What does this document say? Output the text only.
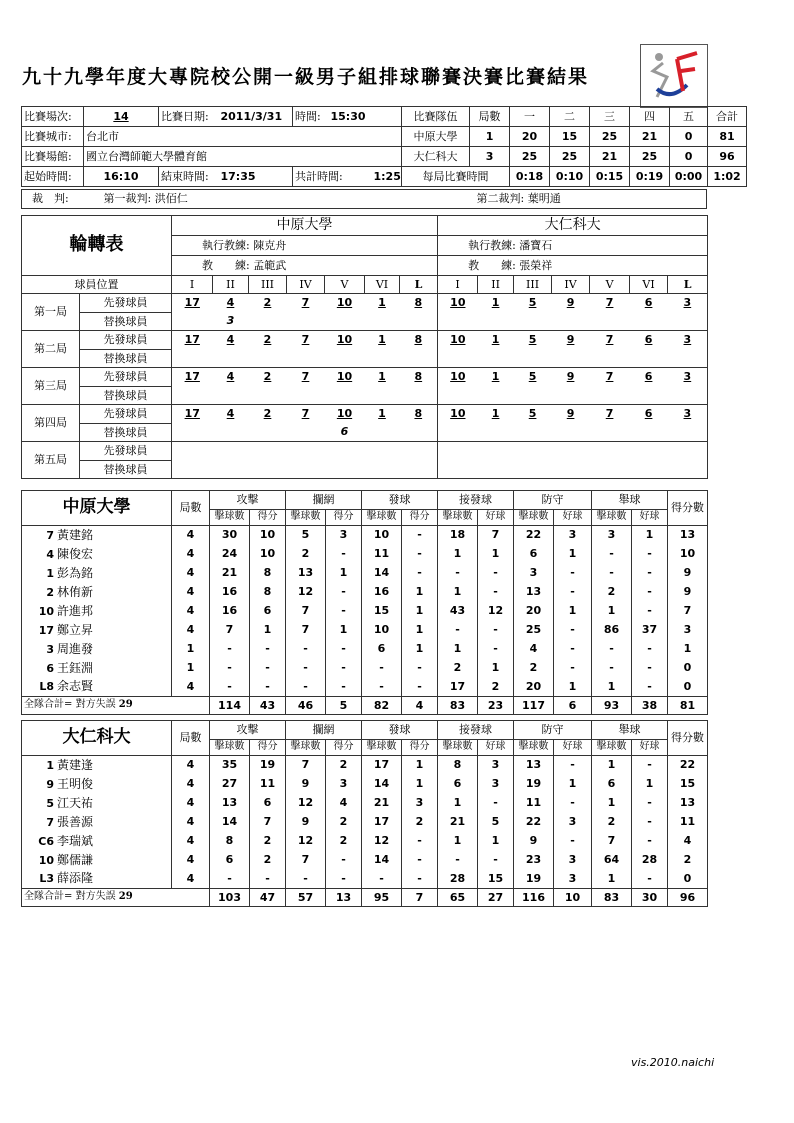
九十九學年度大專院校公開一級男子組排球聯賽決賽比賽結果
比賽場次:	14	比賽日期:	2011/3/31	時間:	15:30		比賽隊伍	局數	一	二	三	四	五	合計
比賽城市:	台北市						中原大學	1	20	15	25	21	0	81
比賽場館:	國立台灣師範大學體育館						大仁科大	3	25	25	21	25	0	96
起始時間:	16:10	結束時間:	17:35	共計時間:		1:25	每局比賽時間		0:18	0:10	0:15	0:19	0:00	1:02
裁　判:	第一裁判: 洪佰仁	第二裁判: 葉明通
輪轉表		中原大學							大仁科大						
		執行教練: 陳克舟							執行教練: 潘寶石						
		教　　練: 孟範武							教　　練: 張榮祥						
球員位置		I	II	III	IV	V	VI	L	I	II	III	IV	V	VI	L
第一局	先發球員	17	4	2	7	10	1	8	10	1	5	9	7	6	3
	替換球員		3												
第二局	先發球員	17	4	2	7	10	1	8	10	1	5	9	7	6	3
	替換球員														
第三局	先發球員	17	4	2	7	10	1	8	10	1	5	9	7	6	3
	替換球員														
第四局	先發球員	17	4	2	7	10	1	8	10	1	5	9	7	6	3
	替換球員					6									
第五局	先發球員														
	替換球員														
中原大學	局數	攻擊		攔網		發球		接發球		防守		舉球		得分數
		擊球數	得分	擊球數	得分	擊球數	得分	擊球數	好球	擊球數	好球	擊球數	好球	
7 黃建銘	4	30	10	5	3	10	-	18	7	22	3	3	1	13
4 陳俊宏	4	24	10	2	-	11	-	1	1	6	1	-	-	10
1 彭為銘	4	21	8	13	1	14	-	-	-	3	-	-	-	9
2 林侑新	4	16	8	12	-	16	1	1	-	13	-	2	-	9
10 許進邦	4	16	6	7	-	15	1	43	12	20	1	1	-	7
17 鄭立昇	4	7	1	7	1	10	1	-	-	25	-	86	37	3
3 周進發	1	-	-	-	-	6	1	1	-	4	-	-	-	1
6 王鈺淵	1	-	-	-	-	-	-	2	1	2	-	-	-	0
L8 余志賢	4	-	-	-	-	-	-	17	2	20	1	1	-	0
全隊合計= 對方失誤 29		114	43	46	5	82	4	83	23	117	6	93	38	81
大仁科大	局數	攻擊		攔網		發球		接發球		防守		舉球		得分數
		擊球數	得分	擊球數	得分	擊球數	得分	擊球數	好球	擊球數	好球	擊球數	好球	
1 黃建逢	4	35	19	7	2	17	1	8	3	13	-	1	-	22
9 王明俊	4	27	11	9	3	14	1	6	3	19	1	6	1	15
5 江天祐	4	13	6	12	4	21	3	1	-	11	-	1	-	13
7 張善源	4	14	7	9	2	17	2	21	5	22	3	2	-	11
C6 李瑞斌	4	8	2	12	2	12	-	1	1	9	-	7	-	4
10 鄭儒謙	4	6	2	7	-	14	-	-	-	23	3	64	28	2
L3 薛添隆	4	-	-	-	-	-	-	28	15	19	3	1	-	0
全隊合計= 對方失誤 29		103	47	57	13	95	7	65	27	116	10	83	30	96
vis.2010.naichi
